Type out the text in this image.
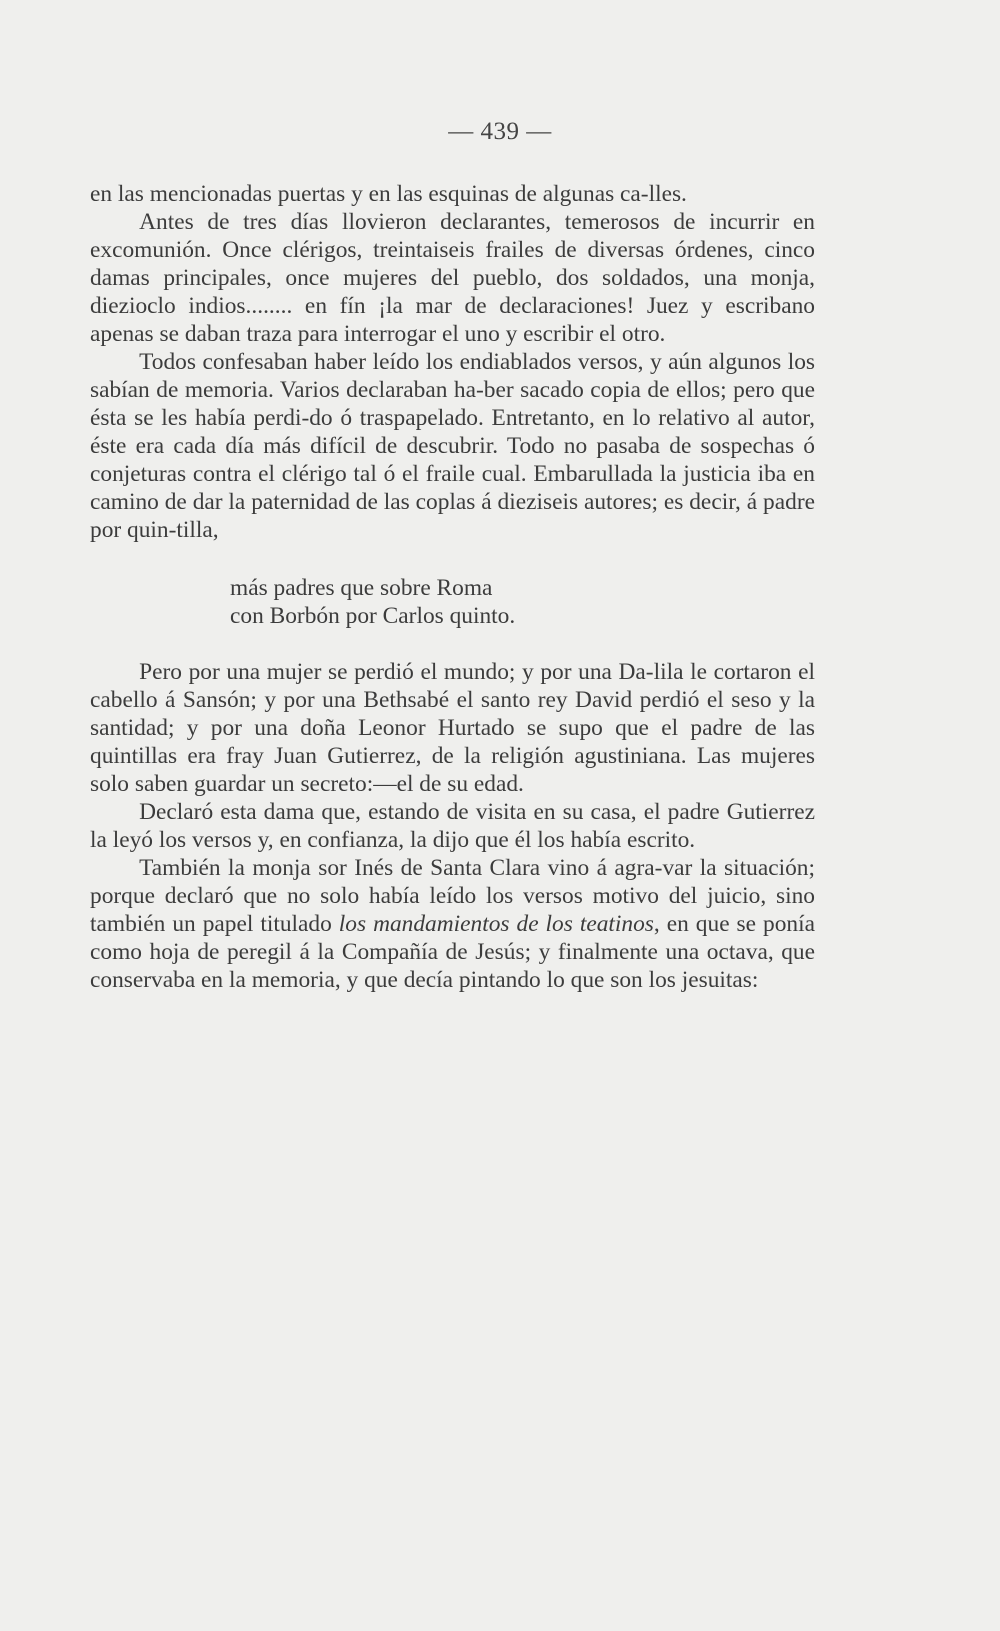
— 439 —

en las mencionadas puertas y en las esquinas de algunas ca-lles.

Antes de tres días llovieron declarantes, temerosos de incurrir en excomunión. Once clérigos, treintaiseis frailes de diversas órdenes, cinco damas principales, once mujeres del pueblo, dos soldados, una monja, diezioclo indios........ en fín ¡la mar de declaraciones! Juez y escribano apenas se daban traza para interrogar el uno y escribir el otro.

Todos confesaban haber leído los endiablados versos, y aún algunos los sabían de memoria. Varios declaraban ha-ber sacado copia de ellos; pero que ésta se les había perdi-do ó traspapelado. Entretanto, en lo relativo al autor, éste era cada día más difícil de descubrir. Todo no pasaba de sospechas ó conjeturas contra el clérigo tal ó el fraile cual. Embarullada la justicia iba en camino de dar la paternidad de las coplas á dieziseis autores; es decir, á padre por quin-tilla,

más padres que sobre Roma
con Borbón por Carlos quinto.

Pero por una mujer se perdió el mundo; y por una Da-lila le cortaron el cabello á Sansón; y por una Bethsabé el santo rey David perdió el seso y la santidad; y por una doña Leonor Hurtado se supo que el padre de las quintillas era fray Juan Gutierrez, de la religión agustiniana. Las mujeres solo saben guardar un secreto:—el de su edad.

Declaró esta dama que, estando de visita en su casa, el padre Gutierrez la leyó los versos y, en confianza, la dijo que él los había escrito.

También la monja sor Inés de Santa Clara vino á agra-var la situación; porque declaró que no solo había leído los versos motivo del juicio, sino también un papel titulado los mandamientos de los teatinos, en que se ponía como hoja de peregil á la Compañía de Jesús; y finalmente una octava, que conservaba en la memoria, y que decía pintando lo que son los jesuitas:
